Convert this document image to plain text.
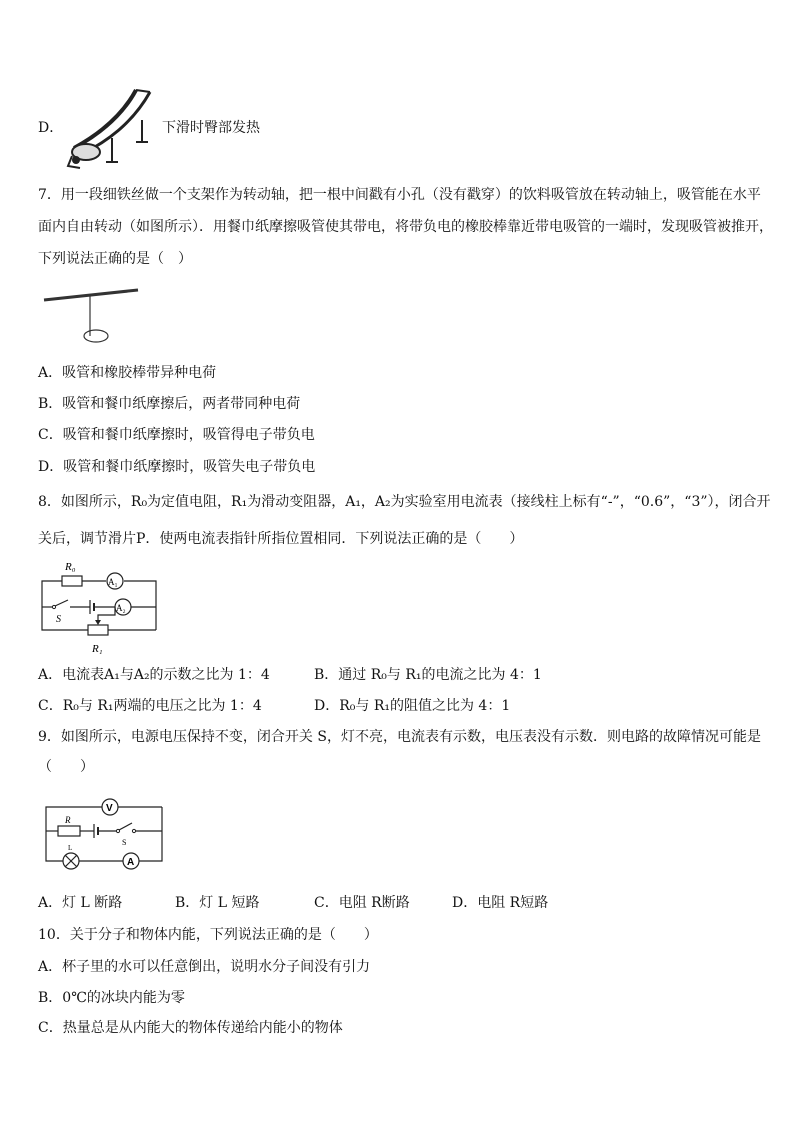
D．	下滑时臀部发热
7．用一段细铁丝做一个支架作为转动轴，把一根中间戳有小孔（没有戳穿）的饮料吸管放在转动轴上，吸管能在水平
面内自由转动（如图所示）．用餐巾纸摩擦吸管使其带电，将带负电的橡胶棒靠近带电吸管的一端时，发现吸管被推开，
下列说法正确的是（　）
A．吸管和橡胶棒带异种电荷
B．吸管和餐巾纸摩擦后，两者带同种电荷
C．吸管和餐巾纸摩擦时，吸管得电子带负电
D．吸管和餐巾纸摩擦时，吸管失电子带负电
8．如图所示，R₀为定值电阻，R₁为滑动变阻器，A₁，A₂为实验室用电流表（接线柱上标有“-”，“0.6”，“3”），闭合开
关后，调节滑片P．使两电流表指针所指位置相同．下列说法正确的是（　　）
R₀
A₁
S
A₂
R₁
A．电流表A₁与A₂的示数之比为 1：4	B．通过 R₀与 R₁的电流之比为 4：1
C．R₀与 R₁两端的电压之比为 1：4	D．R₀与 R₁的阻值之比为 4：1
9．如图所示，电源电压保持不变，闭合开关 S，灯不亮，电流表有示数，电压表没有示数．则电路的故障情况可能是
（　　）
V
R
S
L
A
A．灯 L 断路	B．灯 L 短路	C．电阻 R断路	D．电阻 R短路
10．关于分子和物体内能，下列说法正确的是（　　）
A．杯子里的水可以任意倒出，说明水分子间没有引力
B．0℃的冰块内能为零
C．热量总是从内能大的物体传递给内能小的物体
